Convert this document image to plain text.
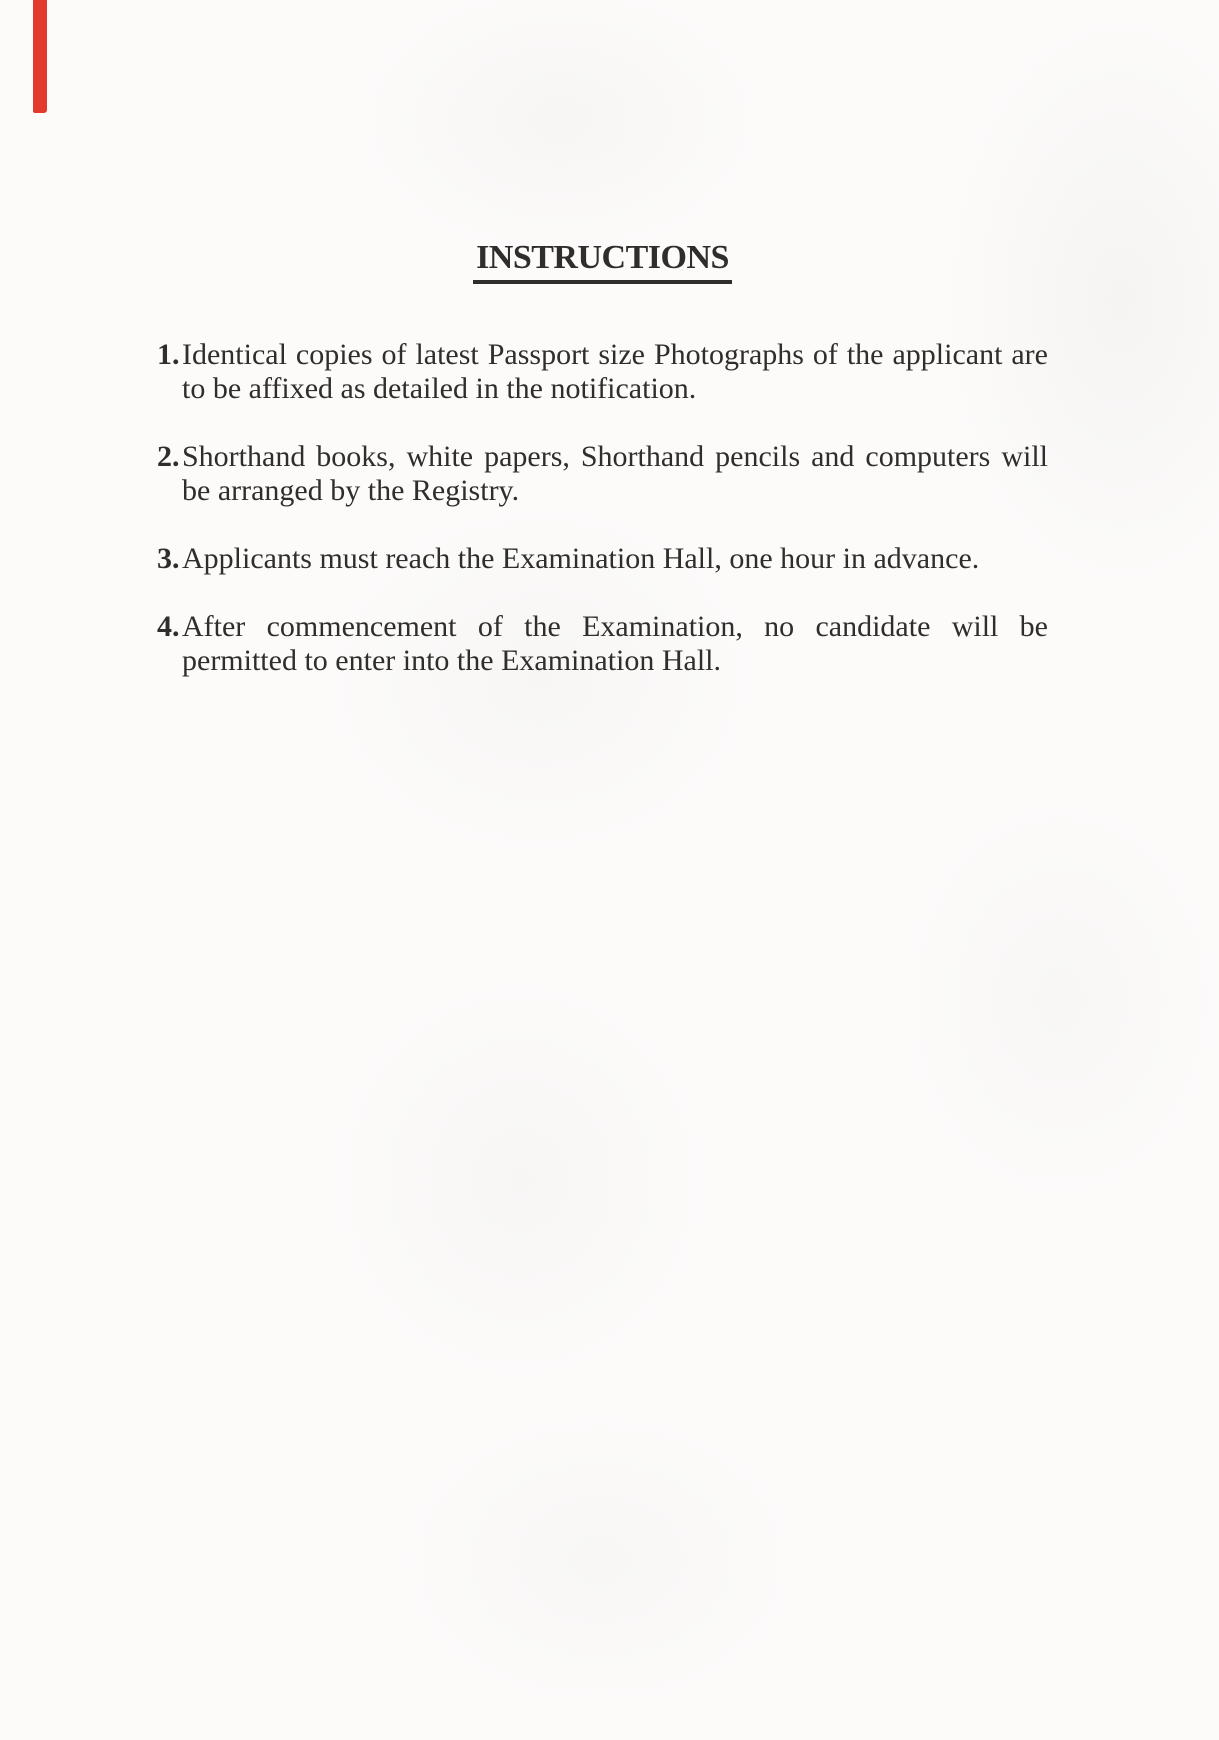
INSTRUCTIONS
1. Identical copies of latest Passport size Photographs of the applicant are to be affixed as detailed in the notification.
2. Shorthand books, white papers, Shorthand pencils and computers will be arranged by the Registry.
3. Applicants must reach the Examination Hall, one hour in advance.
4. After commencement of the Examination, no candidate will be permitted to enter into the Examination Hall.
